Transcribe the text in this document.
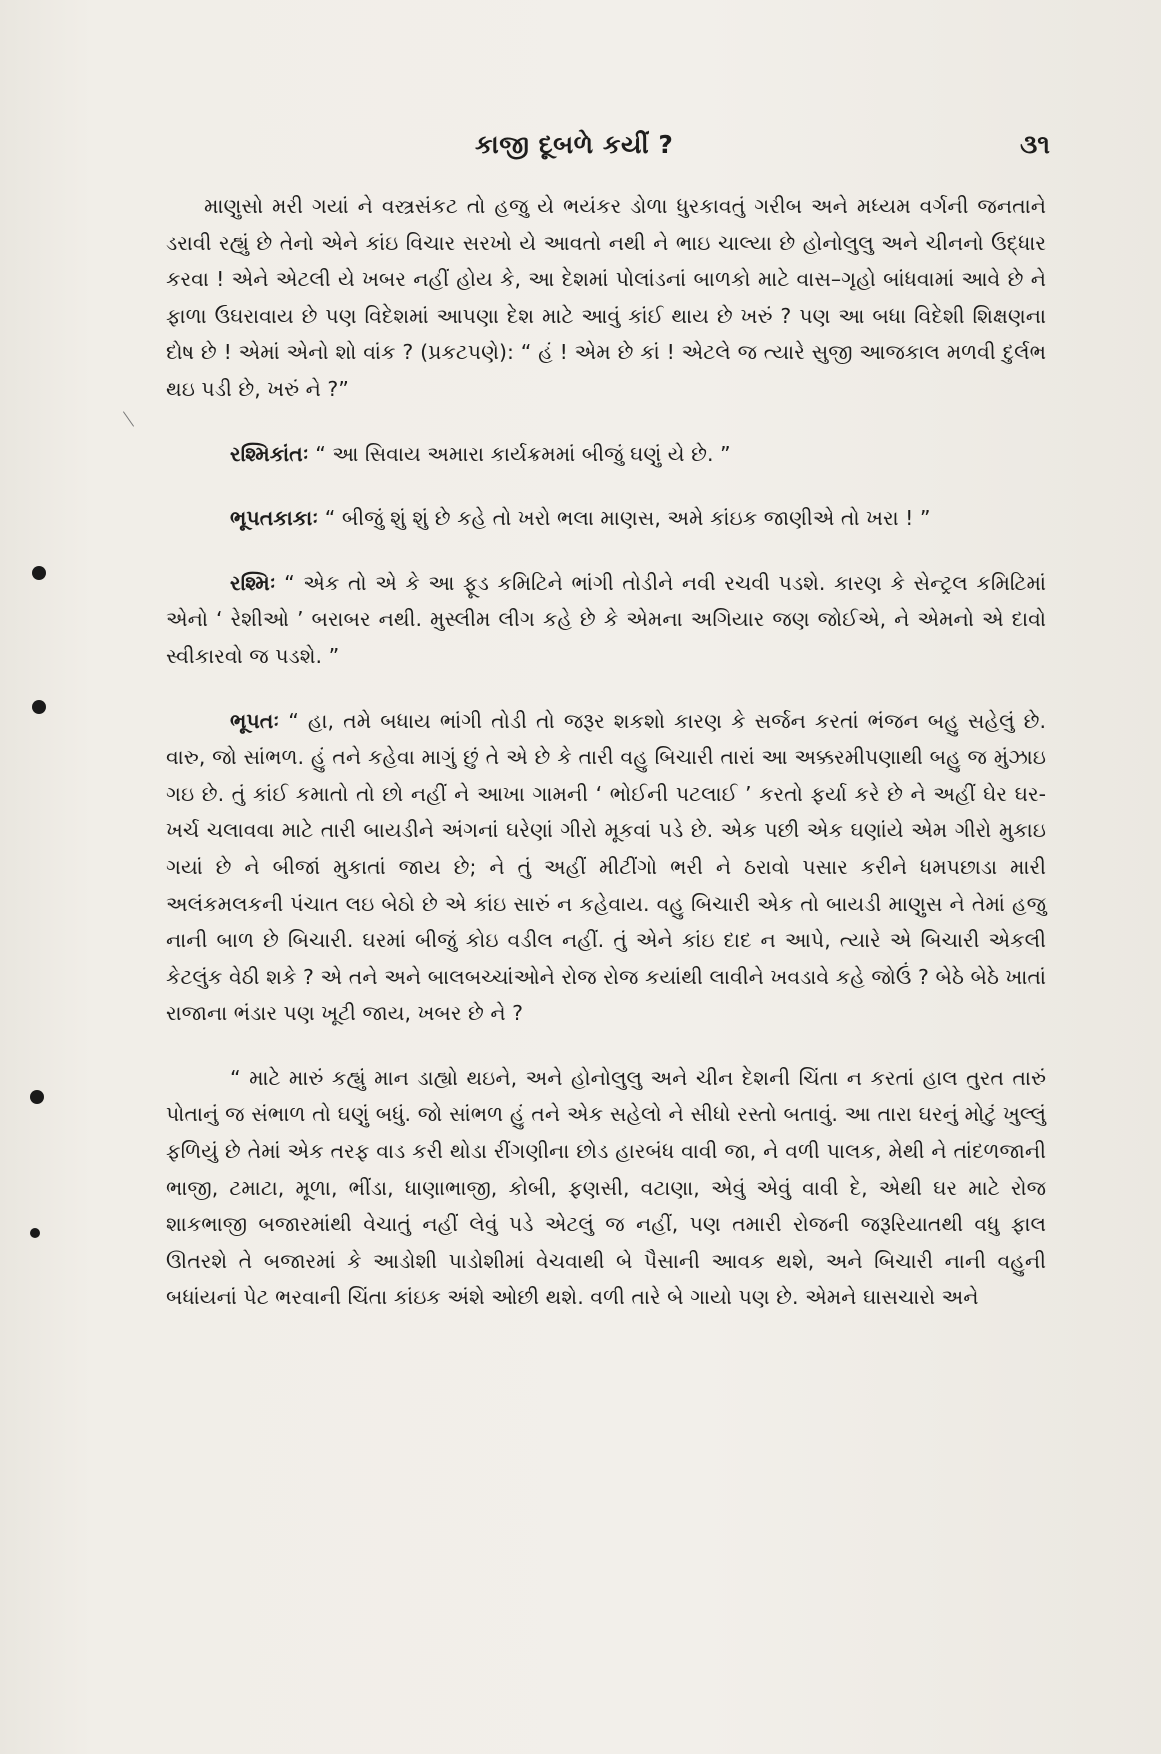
કાજી દૂબળે કયીં ?	૩૧

માણુસો મરી ગયાં ને વસ્ત્રસંકટ તો હજુ યે ભયંકર ડોળા ધુરકાવતું ગરીબ અને મધ્યમ વર્ગની જનતાને ડરાવી રહ્યું છે તેનો એને કાંઇ વિચાર સરખો યે આવતો નથી ને ભાઇ ચાલ્યા છે હોનોલુલુ અને ચીનનો ઉદ્ધાર કરવા ! એને એટલી યે ખબર નહીં હોય કે, આ દેશમાં પોલાંડનાં બાળકો માટે વાસ–ગૃહો બાંધવામાં આવે છે ને ફાળા ઉઘરાવાય છે પણ વિદેશમાં આપણા દેશ માટે આવું કાંઈ થાય છે ખરું ? પણ આ બધા વિદેશી શિક્ષણના દોષ છે ! એમાં એનો શો વાંક ? (પ્રકટપણે): “ હં ! એમ છે કાં ! એટલે જ ત્યારે સુજી આજકાલ મળવી દુર્લભ થઇ પડી છે, ખરું ને ?”

રશ્મિકાંતઃ “ આ સિવાય અમારા કાર્યક્રમમાં બીજું ઘણું યે છે. ”

ભૂપતકાકાઃ “ બીજું શું શું છે કહે તો ખરો ભલા માણસ, અમે કાંઇક જાણીએ તો ખરા ! ”

રશ્મિઃ “ એક તો એ કે આ ફૂડ કમિટિને ભાંગી તોડીને નવી રચવી પડશે. કારણ કે સેન્ટ્રલ કમિટિમાં એનો ‘ રેશીઓ ’ બરાબર નથી. મુસ્લીમ લીગ કહે છે કે એમના અગિયાર જણ જોઈએ, ને એમનો એ દાવો સ્વીકારવો જ પડશે. ”

ભૂપતઃ “ હા, તમે બધાય ભાંગી તોડી તો જરૂર શકશો કારણ કે સર્જન કરતાં ભંજન બહુ સહેલું છે. વારુ, જો સાંભળ. હું તને કહેવા માગું છું તે એ છે કે તારી વહુ બિચારી તારાં આ અક્કરમીપણાથી બહુ જ મુંઝાઇ ગઇ છે. તું કાંઈ કમાતો તો છો નહીં ને આખા ગામની ‘ ભોઈની પટલાઈ ’ કરતો ફર્યા કરે છે ને અહીં ઘેર ઘર-ખર્ચ ચલાવવા માટે તારી બાયડીને અંગનાં ઘરેણાં ગીરો મૂકવાં પડે છે. એક પછી એક ઘણાંયે એમ ગીરો મુકાઇ ગયાં છે ને બીજાં મુકાતાં જાય છે; ને તું અહીં મીટીંગો ભરી ને ઠરાવો પસાર કરીને ધમપછાડા મારી અલંકમલકની પંચાત લઇ બેઠો છે એ કાંઇ સારું ન કહેવાય. વહુ બિચારી એક તો બાયડી માણુસ ને તેમાં હજુ નાની બાળ છે બિચારી. ઘરમાં બીજું કોઇ વડીલ નહીં. તું એને કાંઇ દાદ ન આપે, ત્યારે એ બિચારી એકલી કેટલુંક વેઠી શકે ? એ તને અને બાલબચ્ચાંઓને રોજ રોજ કયાંથી લાવીને ખવડાવે કહે જોઉં ? બેઠે બેઠે ખાતાં રાજાના ભંડાર પણ ખૂટી જાય, ખબર છે ને ?

“ માટે મારું કહ્યું માન ડાહ્યો થઇને, અને હોનોલુલુ અને ચીન દેશની ચિંતા ન કરતાં હાલ તુરત તારું પોતાનું જ સંભાળ તો ઘણું બધું. જો સાંભળ હું તને એક સહેલો ને સીધો રસ્તો બતાવું. આ તારા ઘરનું મોટું ખુલ્લું ફળિયું છે તેમાં એક તરફ વાડ કરી થોડા રીંગણીના છોડ હારબંધ વાવી જા, ને વળી પાલક, મેથી ને તાંદળજાની ભાજી, ટમાટા, મૂળા, ભીંડા, ધાણાભાજી, કોબી, ફણસી, વટાણા, એવું એવું વાવી દે, એથી ઘર માટે રોજ શાકભાજી બજારમાંથી વેચાતું નહીં લેવું પડે એટલું જ નહીં, પણ તમારી રોજની જરૂરિયાતથી વધુ ફાલ ઊતરશે તે બજારમાં કે આડોશી પાડોશીમાં વેચવાથી બે પૈસાની આવક થશે, અને બિચારી નાની વહુની બધાંયનાં પેટ ભરવાની ચિંતા કાંઇક અંશે ઓછી થશે. વળી તારે બે ગાયો પણ છે. એમને ઘાસચારો અને
